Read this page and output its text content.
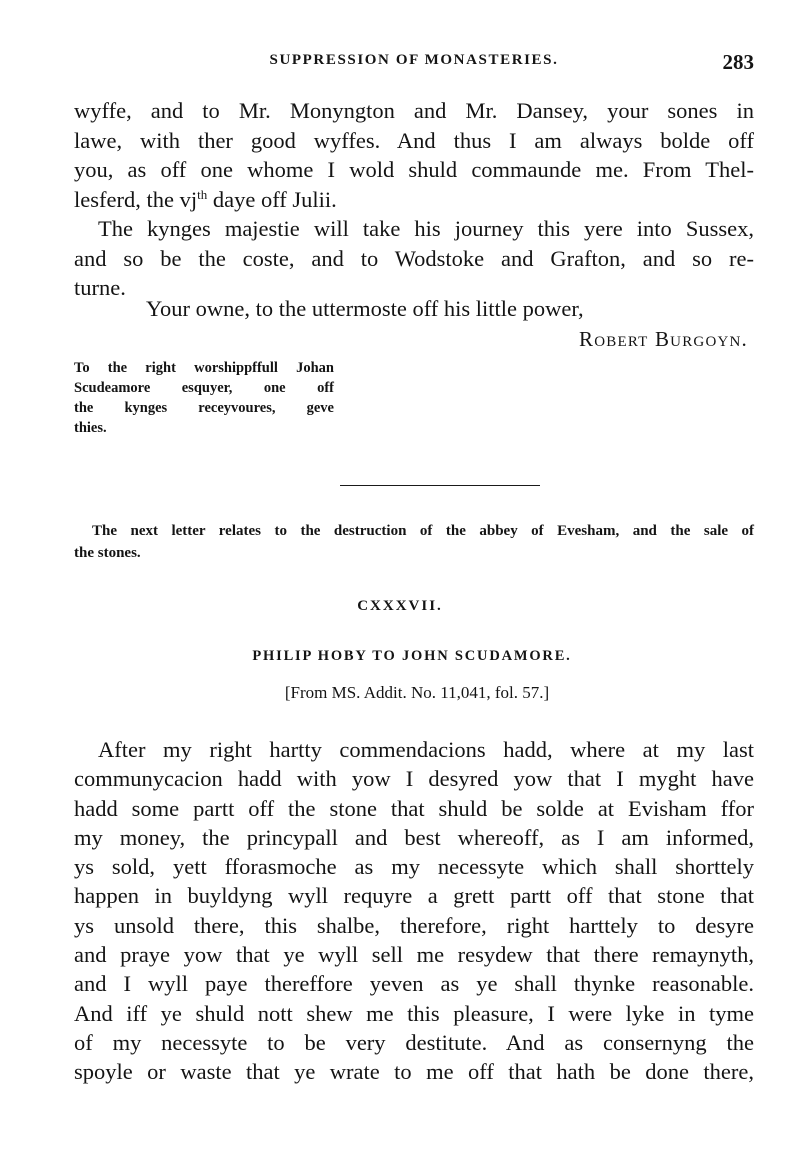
SUPPRESSION OF MONASTERIES.	283
wyffe, and to Mr. Monyngton and Mr. Dansey, your sones in
lawe, with ther good wyffes. And thus I am always bolde off
you, as off one whome I wold shuld commaunde me. From Thel-
lesferd, the $vj^{th}$ daye off Julii.
The kynges majestie will take his journey this yere into Sussex,
and so be the coste, and to Wodstoke and Grafton, and so re-
turne.
Your owne, to the uttermoste off his little power,
Robert Burgoyn.
To the right worshippffull Johan
Scudeamore esquyer, one off
the kynges receyvoures, geve
thies.
The next letter relates to the destruction of the abbey of Evesham, and the sale of
the stones.
CXXXVII.
PHILIP HOBY TO JOHN SCUDAMORE.
[From MS. Addit. No. 11,041, fol. 57.]
After my right hartty commendacions hadd, where at my last
communycacion hadd with yow I desyred yow that I myght have
hadd some partt off the stone that shuld be solde at Evisham ffor
my money, the princypall and best whereoff, as I am informed,
ys sold, yett fforasmoche as my necessyte which shall shorttely
happen in buyldyng wyll requyre a grett partt off that stone that
ys unsold there, this shalbe, therefore, right harttely to desyre
and praye yow that ye wyll sell me resydew that there remaynyth,
and I wyll paye thereffore yeven as ye shall thynke reasonable.
And iff ye shuld nott shew me this pleasure, I were lyke in tyme
of my necessyte to be very destitute. And as consernyng the
spoyle or waste that ye wrate to me off that hath be done there,
